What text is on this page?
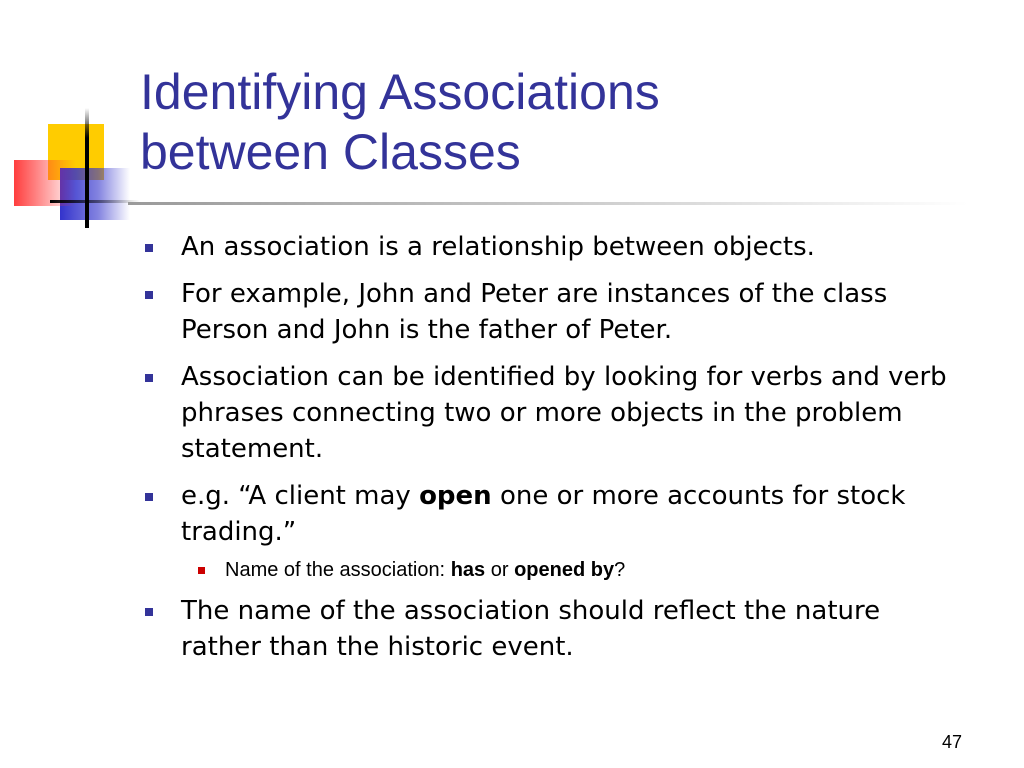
Identifying Associations
between Classes
An association is a relationship between objects.
For example, John and Peter are instances of the class Person and John is the father of Peter.
Association can be identified by looking for verbs and verb phrases connecting two or more objects in the problem statement.
e.g. “A client may open one or more accounts for stock trading.”
Name of the association: has or opened by?
The name of the association should reflect the nature rather than the historic event.
47
